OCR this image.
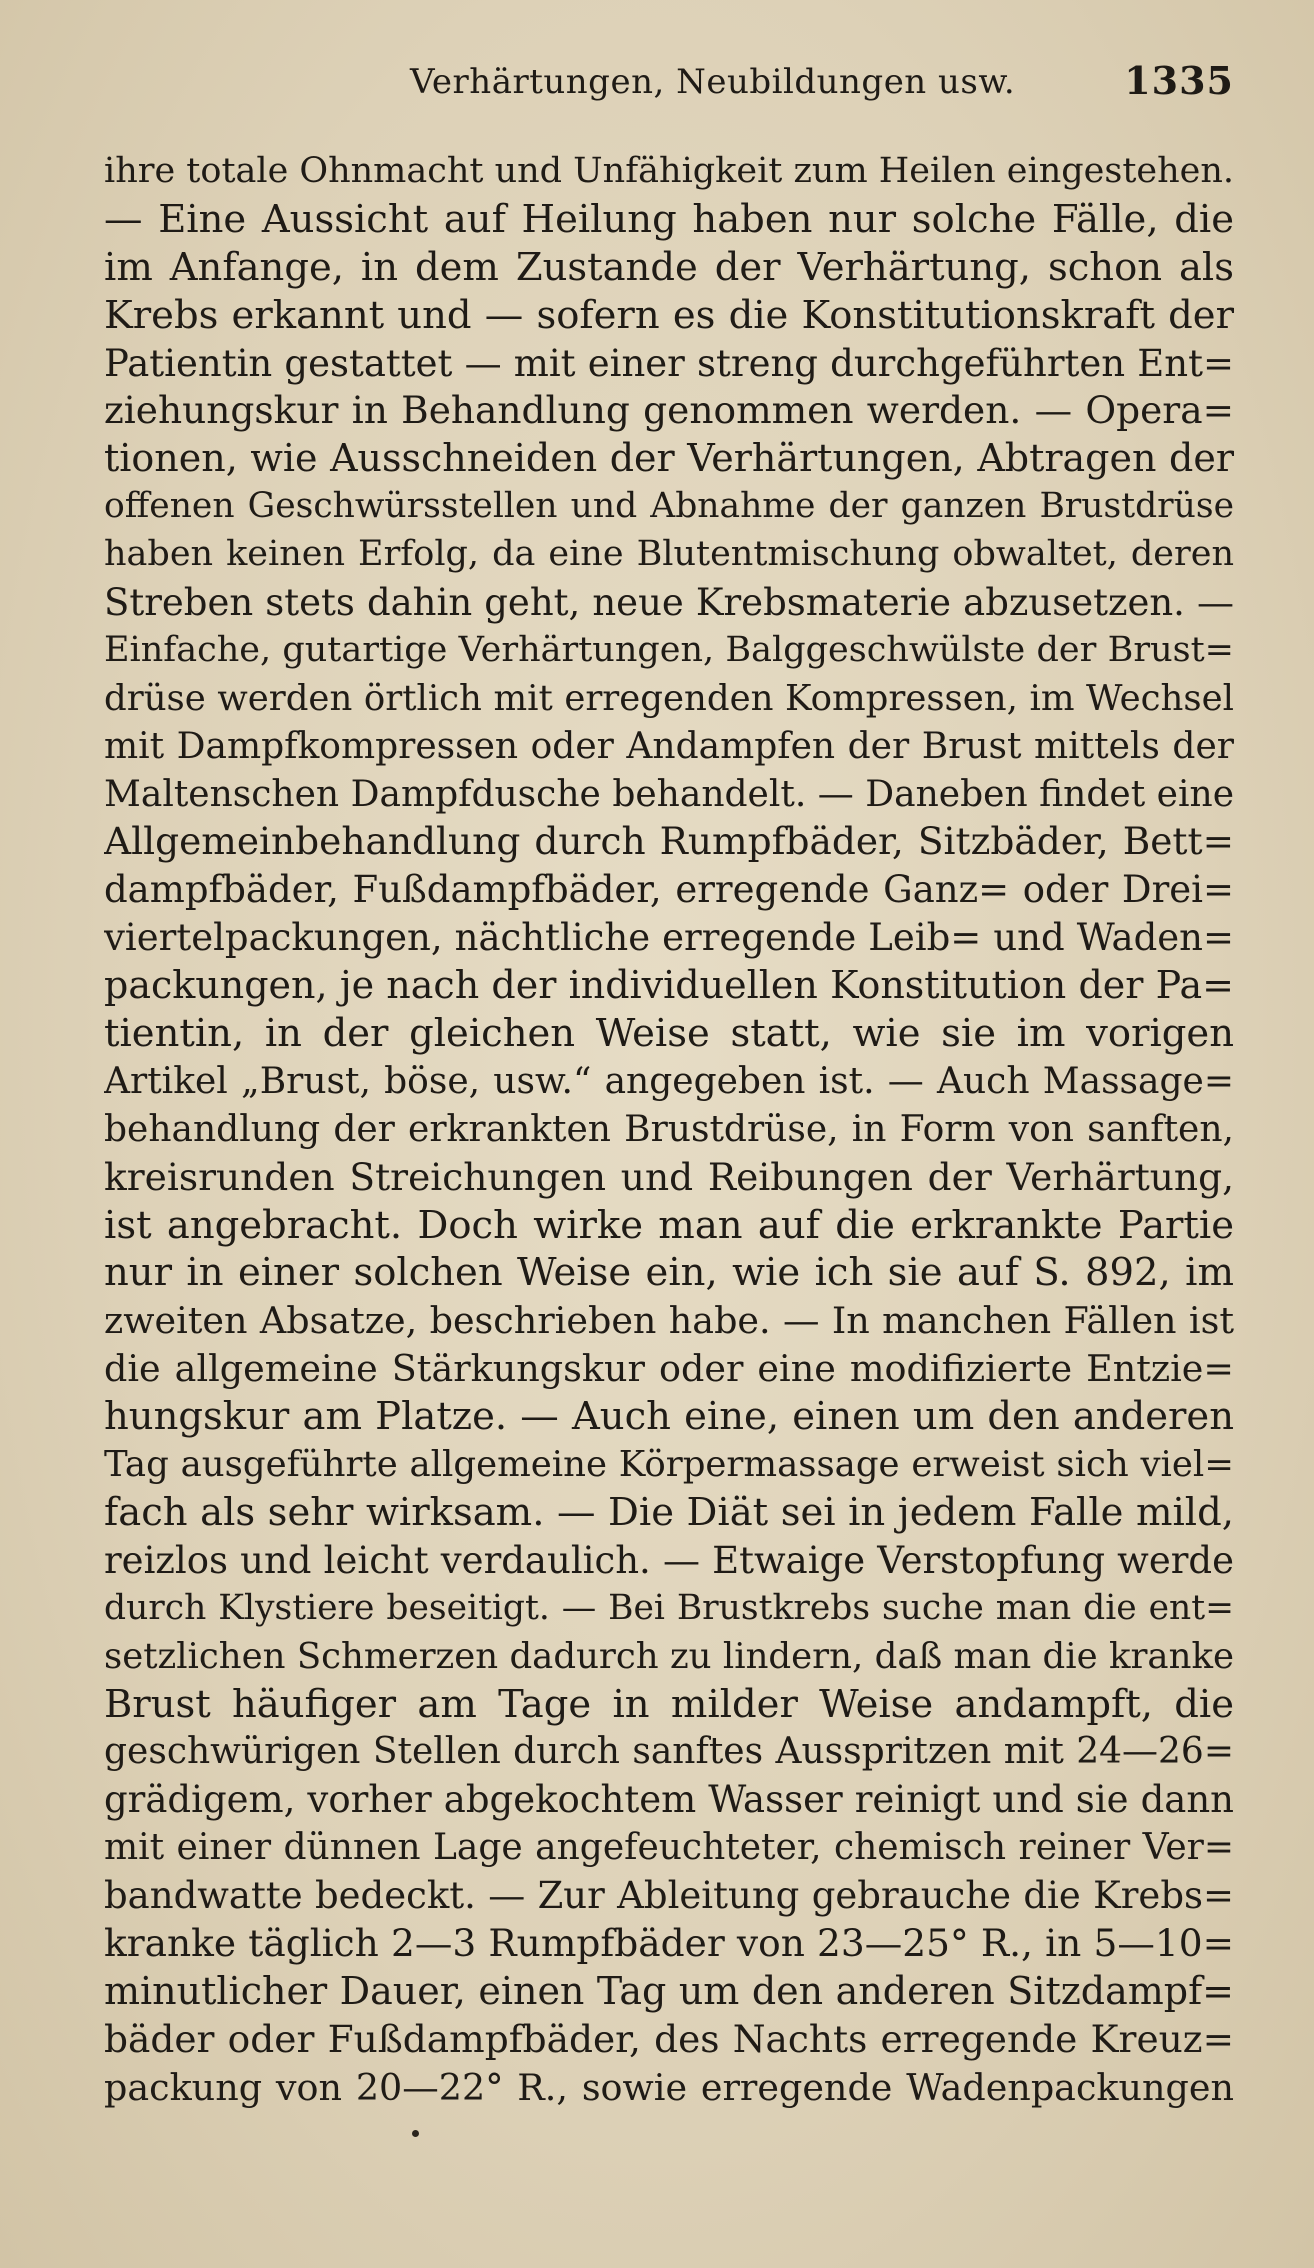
Verhärtungen, Neubildungen usw.	1335
ihre totale Ohnmacht und Unfähigkeit zum Heilen eingestehen.
— Eine Aussicht auf Heilung haben nur solche Fälle, die
im Anfange, in dem Zustande der Verhärtung, schon als
Krebs erkannt und — sofern es die Konstitutionskraft der
Patientin gestattet — mit einer streng durchgeführten Ent=
ziehungskur in Behandlung genommen werden. — Opera=
tionen, wie Ausschneiden der Verhärtungen, Abtragen der
offenen Geschwürsstellen und Abnahme der ganzen Brustdrüse
haben keinen Erfolg, da eine Blutentmischung obwaltet, deren
Streben stets dahin geht, neue Krebsmaterie abzusetzen. —
Einfache, gutartige Verhärtungen, Balggeschwülste der Brust=
drüse werden örtlich mit erregenden Kompressen, im Wechsel
mit Dampfkompressen oder Andampfen der Brust mittels der
Maltenschen Dampfdusche behandelt. — Daneben findet eine
Allgemeinbehandlung durch Rumpfbäder, Sitzbäder, Bett=
dampfbäder, Fußdampfbäder, erregende Ganz= oder Drei=
viertelpackungen, nächtliche erregende Leib= und Waden=
packungen, je nach der individuellen Konstitution der Pa=
tientin, in der gleichen Weise statt, wie sie im vorigen
Artikel „Brust, böse, usw.“ angegeben ist. — Auch Massage=
behandlung der erkrankten Brustdrüse, in Form von sanften,
kreisrunden Streichungen und Reibungen der Verhärtung,
ist angebracht. Doch wirke man auf die erkrankte Partie
nur in einer solchen Weise ein, wie ich sie auf S. 892, im
zweiten Absatze, beschrieben habe. — In manchen Fällen ist
die allgemeine Stärkungskur oder eine modifizierte Entzie=
hungskur am Platze. — Auch eine, einen um den anderen
Tag ausgeführte allgemeine Körpermassage erweist sich viel=
fach als sehr wirksam. — Die Diät sei in jedem Falle mild,
reizlos und leicht verdaulich. — Etwaige Verstopfung werde
durch Klystiere beseitigt. — Bei Brustkrebs suche man die ent=
setzlichen Schmerzen dadurch zu lindern, daß man die kranke
Brust häufiger am Tage in milder Weise andampft, die
geschwürigen Stellen durch sanftes Ausspritzen mit 24—26=
grädigem, vorher abgekochtem Wasser reinigt und sie dann
mit einer dünnen Lage angefeuchteter, chemisch reiner Ver=
bandwatte bedeckt. — Zur Ableitung gebrauche die Krebs=
kranke täglich 2—3 Rumpfbäder von 23—25° R., in 5—10=
minutlicher Dauer, einen Tag um den anderen Sitzdampf=
bäder oder Fußdampfbäder, des Nachts erregende Kreuz=
packung von 20—22° R., sowie erregende Wadenpackungen
